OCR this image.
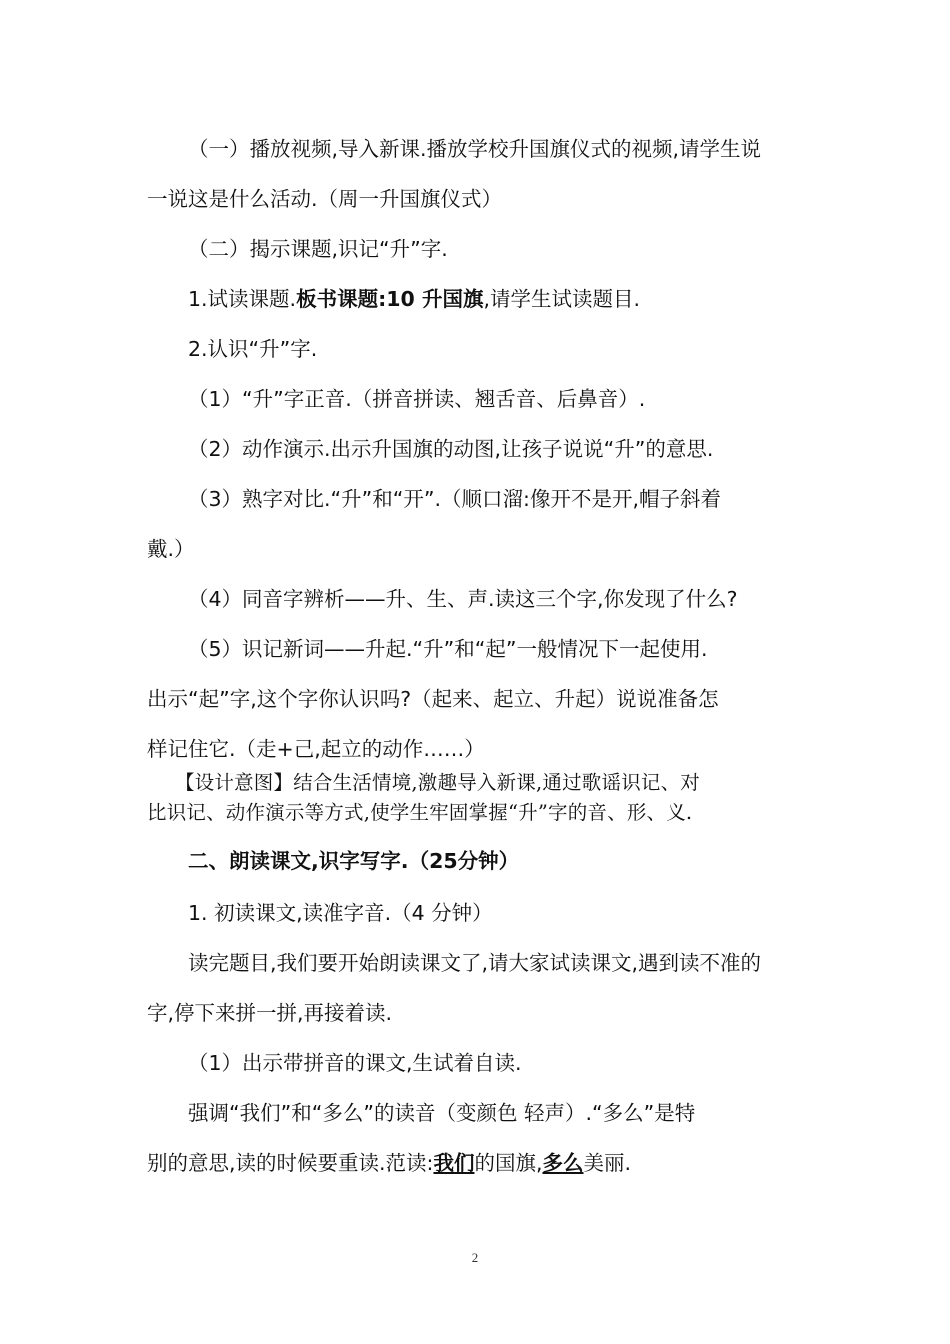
（一）播放视频,导入新课.播放学校升国旗仪式的视频,请学生说
一说这是什么活动.（周一升国旗仪式）
（二）揭示课题,识记“升”字.
1.试读课题.板书课题:10 升国旗,请学生试读题目.
2.认识“升”字.
（1）“升”字正音.（拼音拼读、翘舌音、后鼻音）.
（2）动作演示.出示升国旗的动图,让孩子说说“升”的意思.
（3）熟字对比.“升”和“开”.（顺口溜:像开不是开,帽子斜着
戴.）
（4）同音字辨析——升、生、声.读这三个字,你发现了什么?
（5）识记新词——升起.“升”和“起”一般情况下一起使用.
出示“起”字,这个字你认识吗?（起来、起立、升起）说说准备怎
样记住它.（走+己,起立的动作……）
【设计意图】结合生活情境,激趣导入新课,通过歌谣识记、对
比识记、动作演示等方式,使学生牢固掌握“升”字的音、形、义.
二、朗读课文,识字写字.（25分钟）
1. 初读课文,读准字音.（4 分钟）
读完题目,我们要开始朗读课文了,请大家试读课文,遇到读不准的
字,停下来拼一拼,再接着读.
（1）出示带拼音的课文,生试着自读.
强调“我们”和“多么”的读音（变颜色 轻声）.“多么”是特
别的意思,读的时候要重读.范读:我们的国旗,多么美丽.
2
